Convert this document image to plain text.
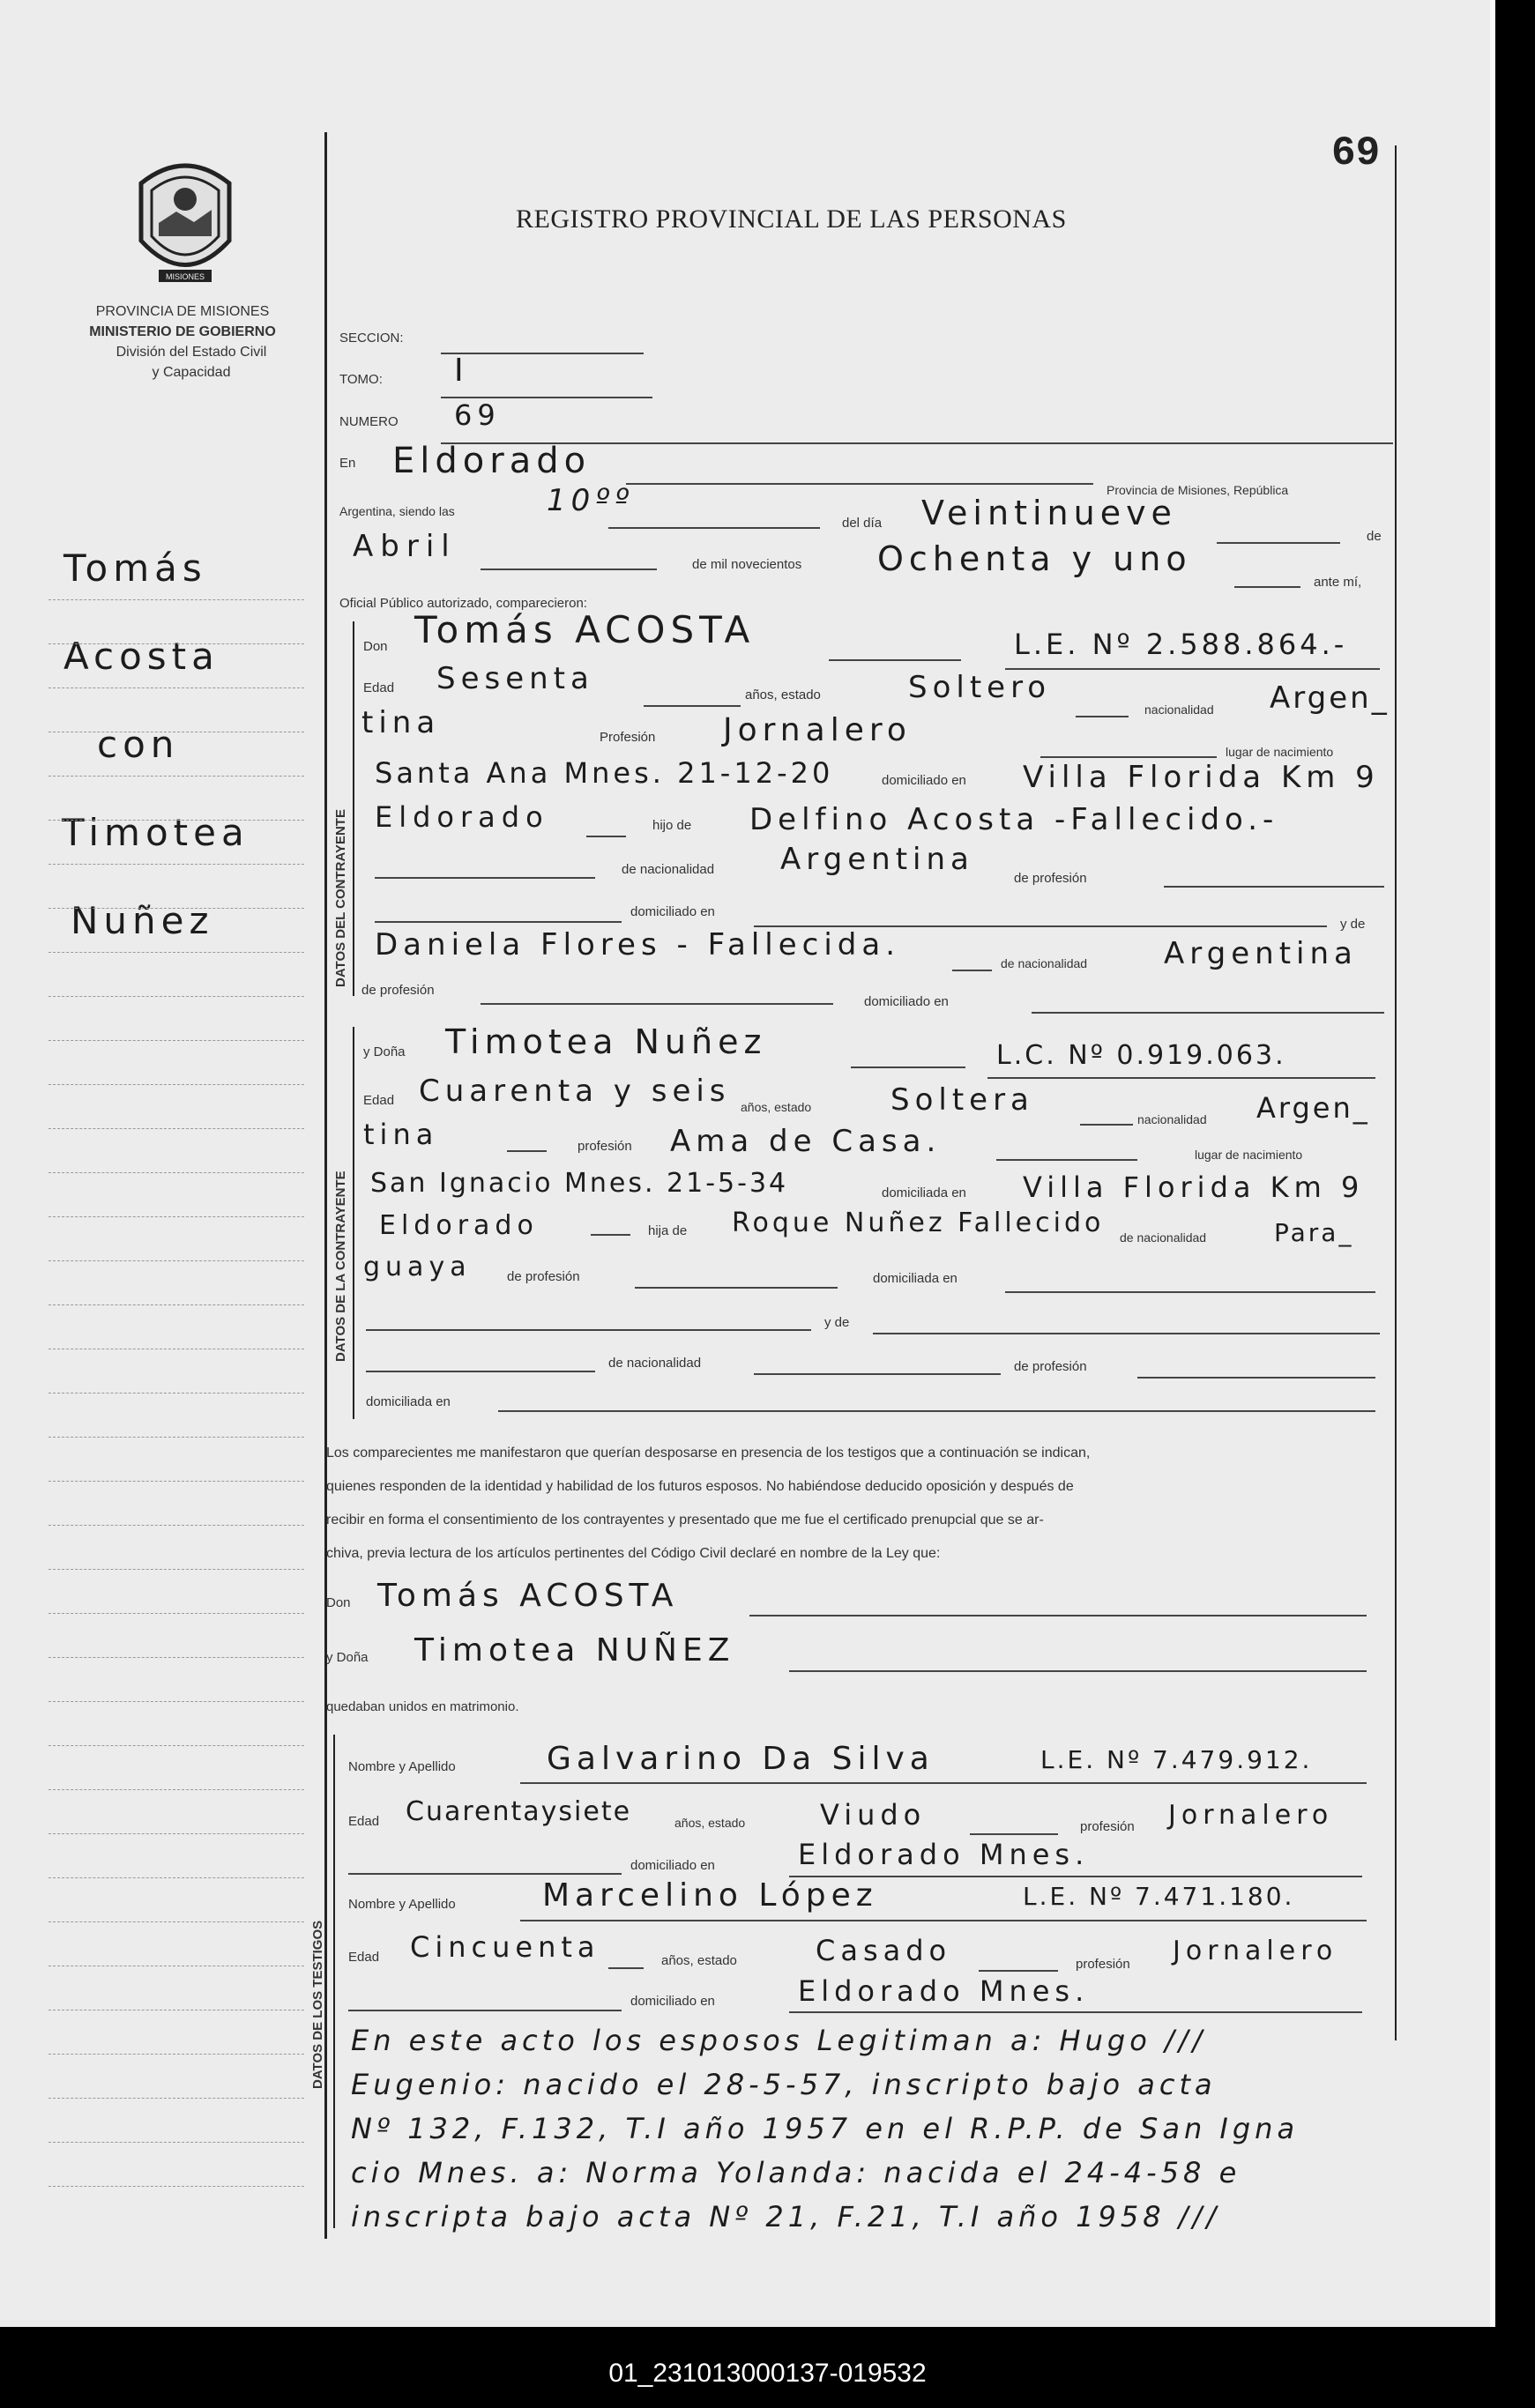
69
MISIONES
PROVINCIA DE MISIONES
MINISTERIO DE GOBIERNO
División del Estado Civil
y Capacidad
REGISTRO PROVINCIAL DE LAS PERSONAS
Tomás
Acosta
con
Timotea
Nuñez
SECCION:
TOMO: I
NUMERO 69
En Eldorado
Provincia de Misiones, República
Argentina, siendo las	10ºº
del día Veintinueve
de
Abril
de mil novecientos Ochenta y uno
ante mí,
Oficial Público autorizado, comparecieron:
DATOS DEL CONTRAYENTE
Don Tomás ACOSTA	L.E. Nº 2.588.864.-
Edad Sesenta	años, estado	Soltero
nacionalidad Argen_
tina	Profesión Jornalero
lugar de nacimiento
Santa Ana Mnes. 21-12-20	domiciliado en Villa Florida Km 9
Eldorado	hijo de Delfino Acosta -Fallecido.-
de nacionalidad Argentina
de profesión
domiciliado en
y de
Daniela Flores - Fallecida.
de nacionalidad	Argentina
de profesión
domiciliado en
DATOS DE LA CONTRAYENTE
y Doña Timotea Nuñez	L.C. Nº 0.919.063.
Edad Cuarenta y seis años, estado	Soltera
nacionalidad Argen_
tina	profesión Ama de Casa.	lugar de nacimiento
San Ignacio Mnes. 21-5-34	domiciliada en Villa Florida Km 9
Eldorado	hija de Roque Nuñez Fallecido de nacionalidad	Para_
guaya	de profesión	domiciliada en
y de
de nacionalidad	de profesión
domiciliada en
Los comparecientes me manifestaron que querían desposarse en presencia de los testigos que a continuación se indican,
quienes responden de la identidad y habilidad de los futuros esposos. No habiéndose deducido oposición y después de
recibir en forma el consentimiento de los contrayentes y presentado que me fue el certificado prenupcial que se ar-
chiva, previa lectura de los artículos pertinentes del Código Civil declaré en nombre de la Ley que:
Don Tomás ACOSTA
y Doña Timotea NUÑEZ
quedaban unidos en matrimonio.
DATOS DE LOS TESTIGOS
Nombre y Apellido	Galvarino Da Silva	L.E. Nº 7.479.912.
Edad Cuarentaysiete	años, estado	Viudo	profesión Jornalero
domiciliado en	Eldorado Mnes.
Nombre y Apellido	Marcelino López	L.E. Nº 7.471.180.
Edad Cincuenta	años, estado	Casado	profesión Jornalero
domiciliado en	Eldorado Mnes.
En este acto los esposos Legitiman a: Hugo ///
Eugenio: nacido el 28-5-57, inscripto bajo acta
Nº 132, F.132, T.I año 1957 en el R.P.P. de San Igna
cio Mnes. a: Norma Yolanda: nacida el 24-4-58 e
inscripta bajo acta Nº 21, F.21, T.I año 1958 ///
01_231013000137-019532
